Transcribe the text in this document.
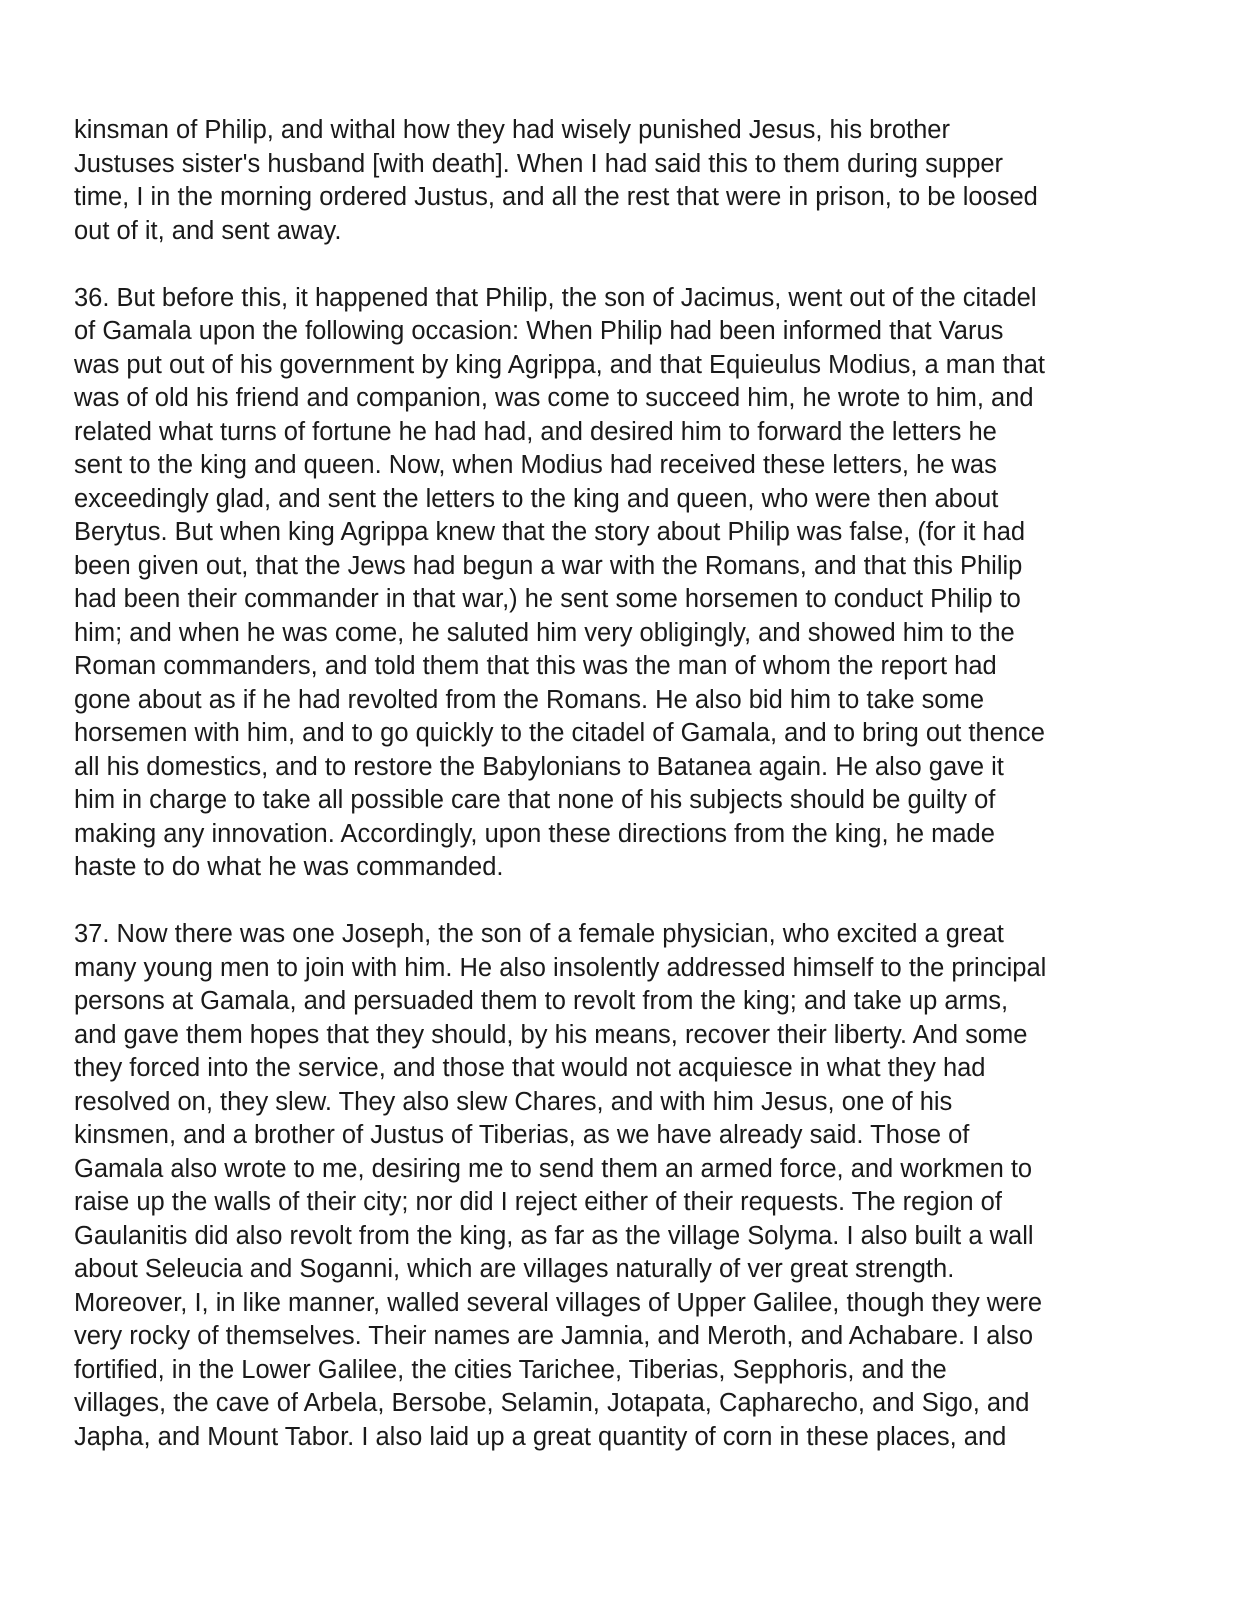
kinsman of Philip, and withal how they had wisely punished Jesus, his brother
Justuses sister's husband [with death]. When I had said this to them during supper
time, I in the morning ordered Justus, and all the rest that were in prison, to be loosed
out of it, and sent away.
36. But before this, it happened that Philip, the son of Jacimus, went out of the citadel
of Gamala upon the following occasion: When Philip had been informed that Varus
was put out of his government by king Agrippa, and that Equieulus Modius, a man that
was of old his friend and companion, was come to succeed him, he wrote to him, and
related what turns of fortune he had had, and desired him to forward the letters he
sent to the king and queen. Now, when Modius had received these letters, he was
exceedingly glad, and sent the letters to the king and queen, who were then about
Berytus. But when king Agrippa knew that the story about Philip was false, (for it had
been given out, that the Jews had begun a war with the Romans, and that this Philip
had been their commander in that war,) he sent some horsemen to conduct Philip to
him; and when he was come, he saluted him very obligingly, and showed him to the
Roman commanders, and told them that this was the man of whom the report had
gone about as if he had revolted from the Romans. He also bid him to take some
horsemen with him, and to go quickly to the citadel of Gamala, and to bring out thence
all his domestics, and to restore the Babylonians to Batanea again. He also gave it
him in charge to take all possible care that none of his subjects should be guilty of
making any innovation. Accordingly, upon these directions from the king, he made
haste to do what he was commanded.
37. Now there was one Joseph, the son of a female physician, who excited a great
many young men to join with him. He also insolently addressed himself to the principal
persons at Gamala, and persuaded them to revolt from the king; and take up arms,
and gave them hopes that they should, by his means, recover their liberty. And some
they forced into the service, and those that would not acquiesce in what they had
resolved on, they slew. They also slew Chares, and with him Jesus, one of his
kinsmen, and a brother of Justus of Tiberias, as we have already said. Those of
Gamala also wrote to me, desiring me to send them an armed force, and workmen to
raise up the walls of their city; nor did I reject either of their requests. The region of
Gaulanitis did also revolt from the king, as far as the village Solyma. I also built a wall
about Seleucia and Soganni, which are villages naturally of ver great strength.
Moreover, I, in like manner, walled several villages of Upper Galilee, though they were
very rocky of themselves. Their names are Jamnia, and Meroth, and Achabare. I also
fortified, in the Lower Galilee, the cities Tarichee, Tiberias, Sepphoris, and the
villages, the cave of Arbela, Bersobe, Selamin, Jotapata, Capharecho, and Sigo, and
Japha, and Mount Tabor. I also laid up a great quantity of corn in these places, and
